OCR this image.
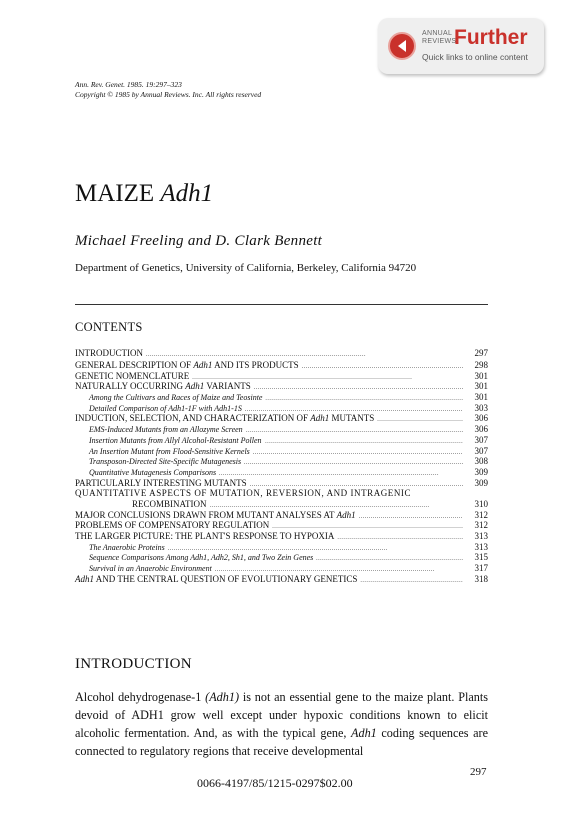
ANNUAL
REVIEWS
Further
Quick links to online content
Ann. Rev. Genet. 1985. 19:297–323
Copyright © 1985 by Annual Reviews. Inc. All rights reserved
MAIZE Adh1
Michael Freeling and D. Clark Bennett
Department of Genetics, University of California, Berkeley, California 94720
CONTENTS
INTRODUCTION . . .	297
GENERAL DESCRIPTION OF Adh1 AND ITS PRODUCTS . . .	298
GENETIC NOMENCLATURE . . .	301
NATURALLY OCCURRING Adh1 VARIANTS . . .	301
Among the Cultivars and Races of Maize and Teosinte . . .	301
Detailed Comparison of Adh1-1F with Adh1-1S . . .	303
INDUCTION, SELECTION, AND CHARACTERIZATION OF Adh1 MUTANTS . . .	306
EMS-Induced Mutants from an Allozyme Screen . . .	306
Insertion Mutants from Allyl Alcohol-Resistant Pollen . . .	307
An Insertion Mutant from Flood-Sensitive Kernels . . .	307
Transposon-Directed Site-Specific Mutagenesis . . .	308
Quantitative Mutagenesis Comparisons . . .	309
PARTICULARLY INTERESTING MUTANTS . . .	309
QUANTITATIVE ASPECTS OF MUTATION, REVERSION, AND INTRAGENIC
RECOMBINATION . . .	310
MAJOR CONCLUSIONS DRAWN FROM MUTANT ANALYSES AT Adh1 . . .	312
PROBLEMS OF COMPENSATORY REGULATION . . .	312
THE LARGER PICTURE: THE PLANT'S RESPONSE TO HYPOXIA . . .	313
The Anaerobic Proteins . . .	313
Sequence Comparisons Among Adh1, Adh2, Sh1, and Two Zein Genes . . .	315
Survival in an Anaerobic Environment . . .	317
Adh1 AND THE CENTRAL QUESTION OF EVOLUTIONARY GENETICS . . .	318
INTRODUCTION

Alcohol dehydrogenase-1 (Adh1) is not an essential gene to the maize plant. Plants devoid of ADH1 grow well except under hypoxic conditions known to elicit alcoholic fermentation. And, as with the typical gene, Adh1 coding sequences are connected to regulatory regions that receive developmental

297
0066-4197/85/1215-0297$02.00
